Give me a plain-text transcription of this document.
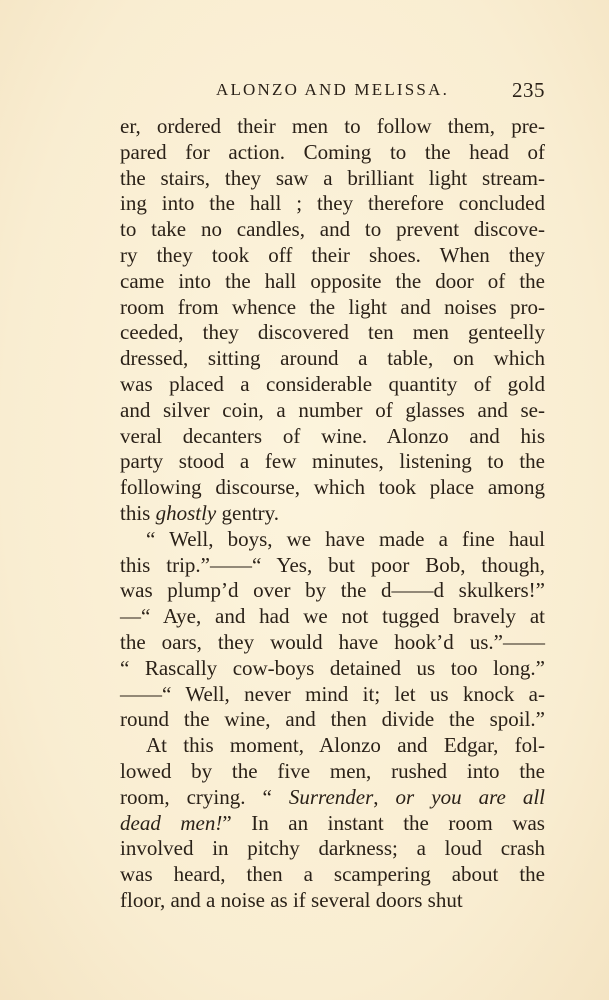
ALONZO AND MELISSA.	235
er, ordered their men to follow them, pre-
pared for action. Coming to the head of
the stairs, they saw a brilliant light stream-
ing into the hall ; they therefore concluded
to take no candles, and to prevent discove-
ry they took off their shoes. When they
came into the hall opposite the door of the
room from whence the light and noises pro-
ceeded, they discovered ten men genteelly
dressed, sitting around a table, on which
was placed a considerable quantity of gold
and silver coin, a number of glasses and se-
veral decanters of wine. Alonzo and his
party stood a few minutes, listening to the
following discourse, which took place among
this ghostly gentry.
“ Well, boys, we have made a fine haul
this trip.”——“ Yes, but poor Bob, though,
was plump’d over by the d——d skulkers!”
—“ Aye, and had we not tugged bravely at
the oars, they would have hook’d us.”——
“ Rascally cow-boys detained us too long.”
——“ Well, never mind it; let us knock a-
round the wine, and then divide the spoil.”
At this moment, Alonzo and Edgar, fol-
lowed by the five men, rushed into the
room, crying. “ Surrender, or you are all
dead men!” In an instant the room was
involved in pitchy darkness; a loud crash
was heard, then a scampering about the
floor, and a noise as if several doors shut
